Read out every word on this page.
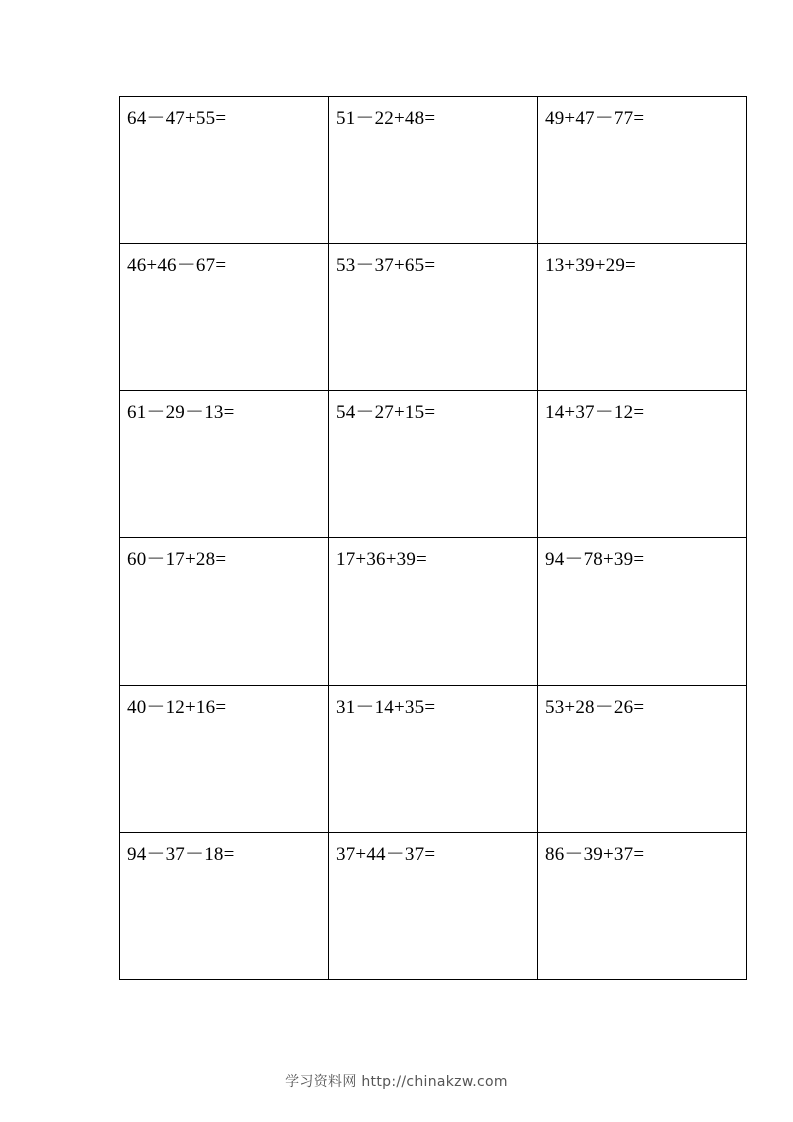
64－47+55=	51－22+48=	49+47－77=

46+46－67=	53－37+65=	13+39+29=

61－29－13=	54－27+15=	14+37－12=

60－17+28=	17+36+39=	94－78+39=

40－12+16=	31－14+35=	53+28－26=

94－37－18=	37+44－37=	86－39+37=
学习资料网 http://chinakzw.com
